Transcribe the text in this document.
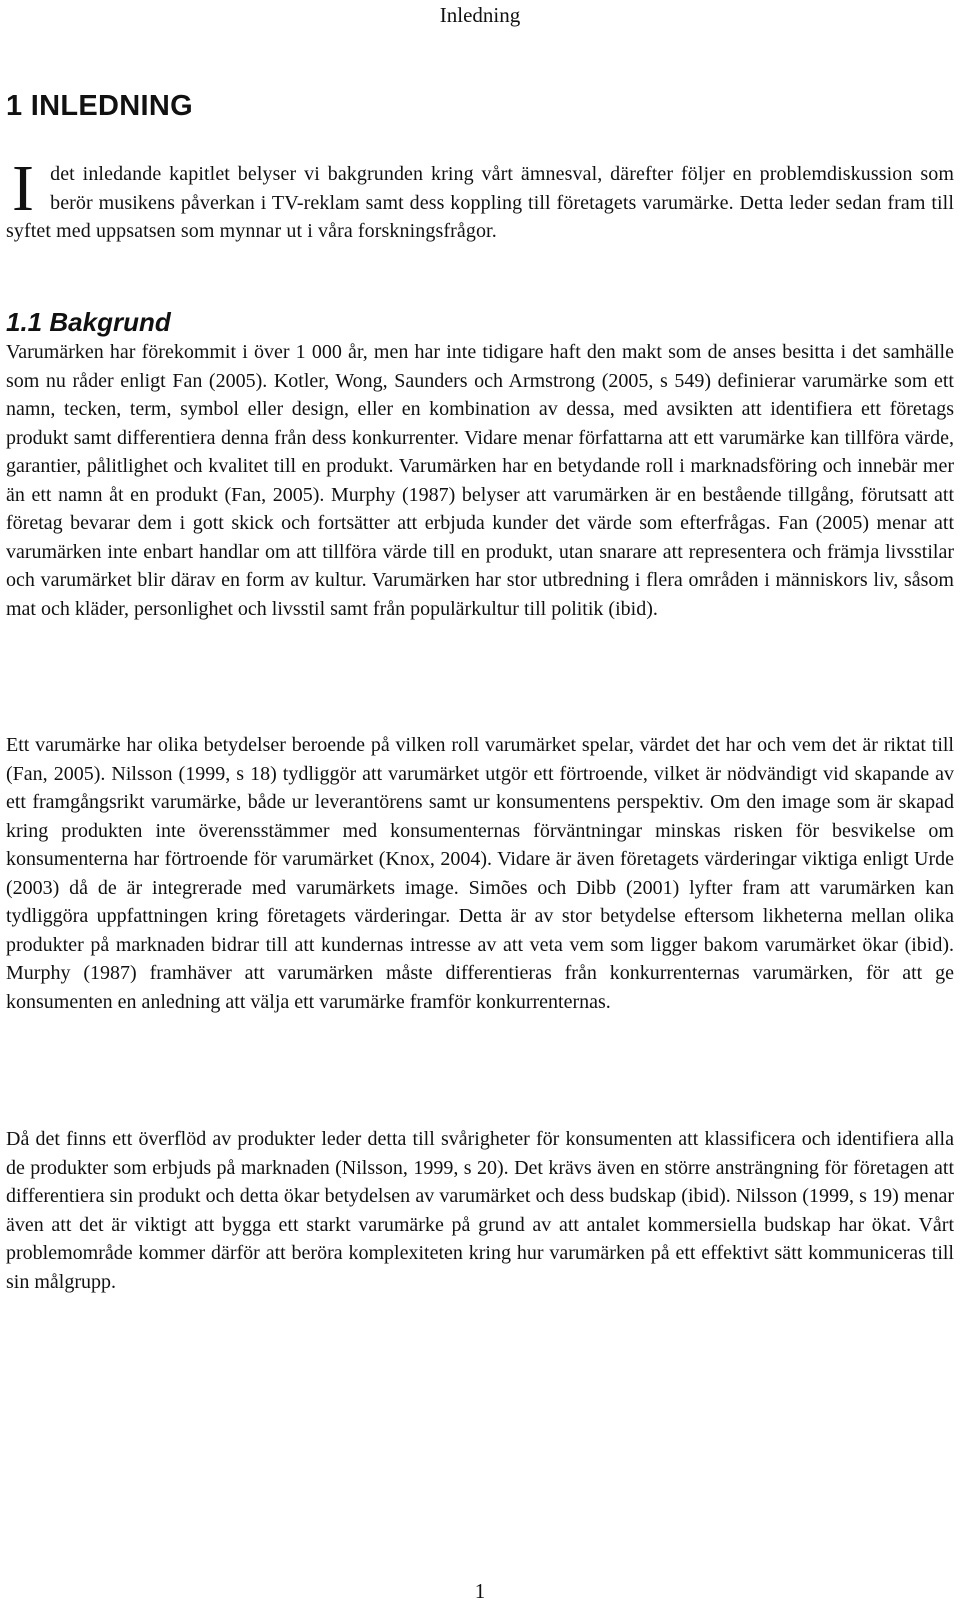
Inledning
1 INLEDNING

Idet inledande kapitlet belyser vi bakgrunden kring vårt ämnesval, därefter följer en problemdiskussion som berör musikens påverkan i TV-reklam samt dess koppling till företagets varumärke. Detta leder sedan fram till syftet med uppsatsen som mynnar ut i våra forskningsfrågor.

1.1 Bakgrund

Varumärken har förekommit i över 1 000 år, men har inte tidigare haft den makt som de anses besitta i det samhälle som nu råder enligt Fan (2005). Kotler, Wong, Saunders och Armstrong (2005, s 549) definierar varumärke som ett namn, tecken, term, symbol eller design, eller en kombination av dessa, med avsikten att identifiera ett företags produkt samt differentiera denna från dess konkurrenter. Vidare menar författarna att ett varumärke kan tillföra värde, garantier, pålitlighet och kvalitet till en produkt. Varumärken har en betydande roll i marknadsföring och innebär mer än ett namn åt en produkt (Fan, 2005). Murphy (1987) belyser att varumärken är en bestående tillgång, förutsatt att företag bevarar dem i gott skick och fortsätter att erbjuda kunder det värde som efterfrågas. Fan (2005) menar att varumärken inte enbart handlar om att tillföra värde till en produkt, utan snarare att representera och främja livsstilar och varumärket blir därav en form av kultur. Varumärken har stor utbredning i flera områden i människors liv, såsom mat och kläder, personlighet och livsstil samt från populärkultur till politik (ibid).

Ett varumärke har olika betydelser beroende på vilken roll varumärket spelar, värdet det har och vem det är riktat till (Fan, 2005). Nilsson (1999, s 18) tydliggör att varumärket utgör ett förtroende, vilket är nödvändigt vid skapande av ett framgångsrikt varumärke, både ur leverantörens samt ur konsumentens perspektiv. Om den image som är skapad kring produkten inte överensstämmer med konsumenternas förväntningar minskas risken för besvikelse om konsumenterna har förtroende för varumärket (Knox, 2004). Vidare är även företagets värderingar viktiga enligt Urde (2003) då de är integrerade med varumärkets image. Simões och Dibb (2001) lyfter fram att varumärken kan tydliggöra uppfattningen kring företagets värderingar. Detta är av stor betydelse eftersom likheterna mellan olika produkter på marknaden bidrar till att kundernas intresse av att veta vem som ligger bakom varumärket ökar (ibid). Murphy (1987) framhäver att varumärken måste differentieras från konkurrenternas varumärken, för att ge konsumenten en anledning att välja ett varumärke framför konkurrenternas.

Då det finns ett överflöd av produkter leder detta till svårigheter för konsumenten att klassificera och identifiera alla de produkter som erbjuds på marknaden (Nilsson, 1999, s 20). Det krävs även en större ansträngning för företagen att differentiera sin produkt och detta ökar betydelsen av varumärket och dess budskap (ibid). Nilsson (1999, s 19) menar även att det är viktigt att bygga ett starkt varumärke på grund av att antalet kommersiella budskap har ökat. Vårt problemområde kommer därför att beröra komplexiteten kring hur varumärken på ett effektivt sätt kommuniceras till sin målgrupp.

1
